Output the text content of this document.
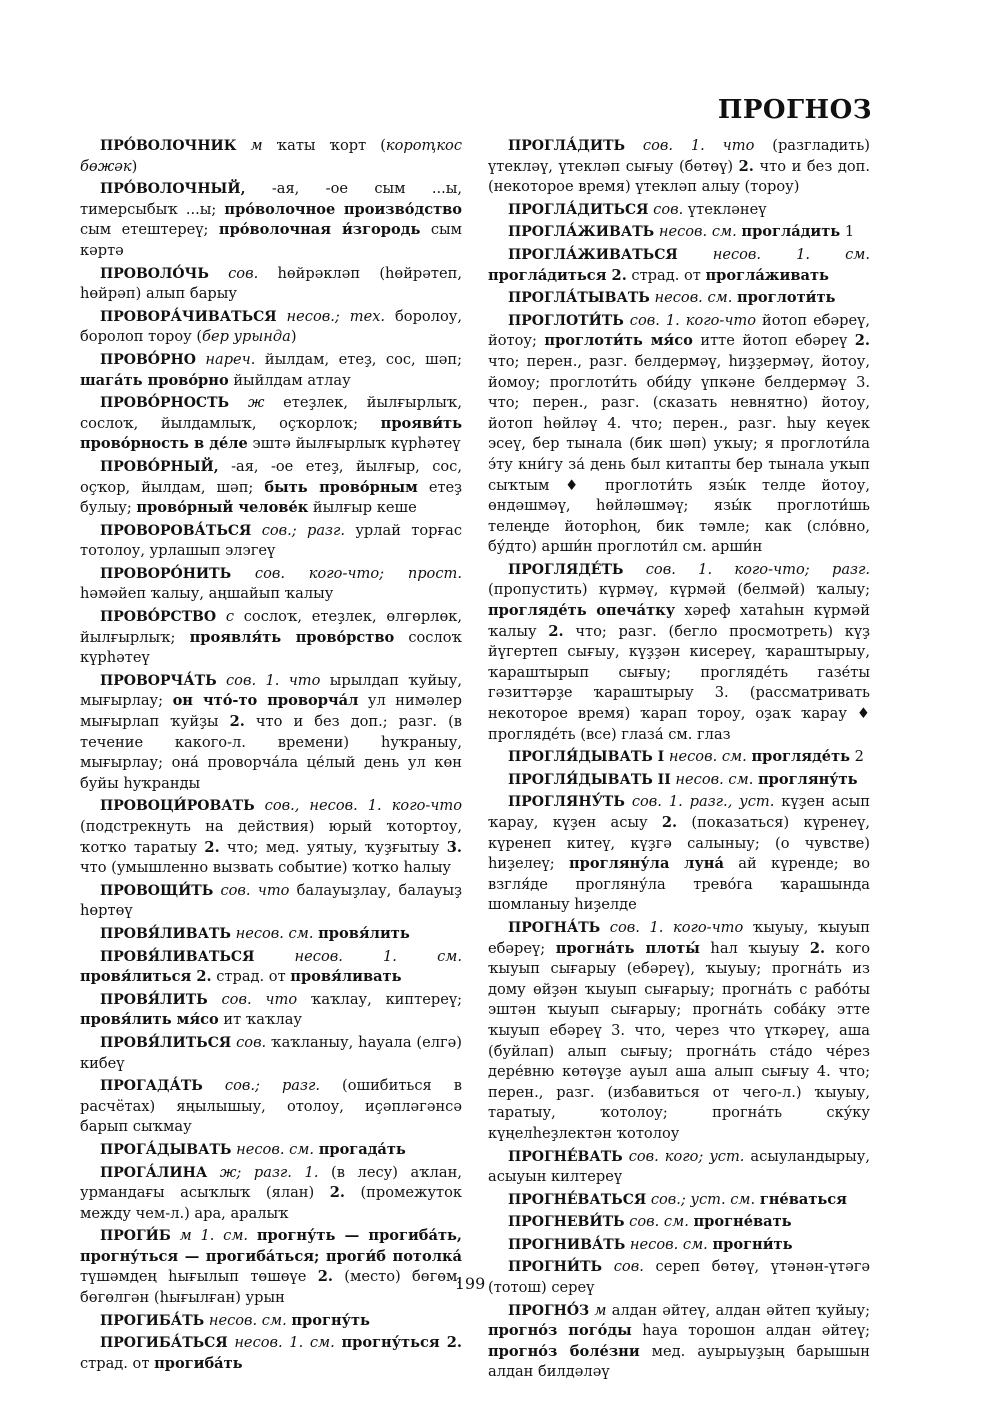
ПРОГНОЗ

ПРО́ВОЛОЧНИК м ҡаты ҡорт (короҭкос бөжәк)

ПРО́ВОЛОЧНЫЙ, -ая, -ое сым ...ы, тимерсыбыҡ ...ы; про́волочное произво́дство сым етештереү; про́волочная и́згородь сым кәртә

ПРОВОЛО́ЧЬ сов. һөйрәкләп (һөйрәтеп, һөйрәп) алып барыу

ПРОВОРА́ЧИВАТЬСЯ несов.; тех. боролоу, боролоп тороу (бер урында)

ПРОВО́РНО нареч. йылдам, етеҙ, сос, шәп; шага́ть прово́рно йыйлдам атлау

ПРОВО́РНОСТЬ ж етеҙлек, йылғырлыҡ, сослоҡ, йылдамлыҡ, оҫҡорлоҡ; прояви́ть прово́рность в де́ле эштә йылғырлыҡ күрһәтеү

ПРОВО́РНЫЙ, -ая, -ое етеҙ, йылғыр, сос, оҫҡор, йылдам, шәп; быть прово́рным етеҙ булыу; прово́рный челове́к йылғыр кеше

ПРОВОРОВА́ТЬСЯ сов.; разг. урлай торғас тотолоу, урлашып элэгеү

ПРОВОРО́НИТЬ сов. кого-что; прост. һәмәйеп ҡалыу, аңшайып ҡалыу

ПРОВО́РСТВО с сослоҡ, етеҙлек, өлгөрлөк, йылғырлыҡ; проявля́ть прово́рство сослоҡ күрһәтеү

ПРОВОРЧА́ТЬ сов. 1. что ырылдап ҡуйыу, мығырлау; он что́-то проворча́л ул нимәлер мығырлап ҡуйҙы 2. что и без доп.; разг. (в течение какого-л. времени) һуҡраныу, мығырлау; она́ проворча́ла це́лый день ул көн буйы һуҡранды

ПРОВОЦИ́РОВАТЬ сов., несов. 1. кого-что (подстрекнуть на действия) юрый ҡотортоу, ҡотҡо таратыу 2. что; мед. уятыу, ҡуҙғытыу 3. что (умышленно вызвать событие) ҡотҡо һалыу

ПРОВОЩИ́ТЬ сов. что балауыҙлау, балауыҙ һөртөү

ПРОВЯ́ЛИВАТЬ несов. см. провя́лить

ПРОВЯ́ЛИВАТЬСЯ несов. 1. см. провя́литься 2. страд. от провя́ливать

ПРОВЯ́ЛИТЬ сов. что ҡаҡлау, киптереү; провя́лить мя́со ит ҡаҡлау

ПРОВЯ́ЛИТЬСЯ сов. ҡаҡланыу, һауала (елгә) кибеү

ПРОГАДА́ТЬ сов.; разг. (ошибиться в расчётах) яңылышыу, отолоу, иҫәпләгәнсә барып сыҡмау

ПРОГА́ДЫВАТЬ несов. см. прогада́ть

ПРОГА́ЛИНА ж; разг. 1. (в лесу) аҡлан, урмандағы асыҡлыҡ (ялан) 2. (промежуток между чем-л.) ара, аралыҡ

ПРОГИ́Б м 1. см. прогну́ть — прогиба́ть, прогну́ться — прогиба́ться; проги́б потолка́ түшәмдең һығылып төшөүе 2. (место) бөгөм, бөгөлгән (һығылған) урын

ПРОГИБА́ТЬ несов. см. прогну́ть

ПРОГИБА́ТЬСЯ несов. 1. см. прогну́ться 2. страд. от прогиба́ть

ПРОГЛА́ДИТЬ сов. 1. что (разгладить) үтекләү, үтекләп сығыу (бөтөү) 2. что и без доп. (некоторое время) үтекләп алыу (тороу)

ПРОГЛА́ДИТЬСЯ сов. үтекләнеү

ПРОГЛА́ЖИВАТЬ несов. см. прогла́дить 1

ПРОГЛА́ЖИВАТЬСЯ несов. 1. см. прогла́диться 2. страд. от прогла́живать

ПРОГЛА́ТЫВАТЬ несов. см. проглоти́ть

ПРОГЛОТИ́ТЬ сов. 1. кого-что йотоп ебәреү, йотоу; проглоти́ть мя́со итте йотоп ебәреү 2. что; перен., разг. белдермәү, һиҙҙермәү, йотоу, йомоу; проглоти́ть оби́ду үпкәне белдермәү 3. что; перен., разг. (сказать невнятно) йотоу, йотоп һөйләү 4. что; перен., разг. һыу кеүек эсеү, бер тынала (бик шәп) уҡыу; я проглоти́ла э́ту кни́гу за́ день был китапты бер тынала уҡып сыҡтым ♦ проглоти́ть язы́к телде йотоу, өндәшмәү, һөйләшмәү; язы́к проглоти́шь телеңде йоторһоң, бик тәмле; как (сло́вно, бу́дто) арши́н проглоти́л см. арши́н

ПРОГЛЯДЕ́ТЬ сов. 1. кого-что; разг. (пропустить) күрмәү, күрмәй (белмәй) ҡалыу; прогляде́ть опеча́тку хәреф хатаһын күрмәй ҡалыу 2. что; разг. (бегло просмотреть) күҙ йүгертеп сығыу, күҙҙән кисереү, ҡараштырыу, ҡараштырып сығыу; прогляде́ть газе́ты гәзиттәрҙе ҡараштырыу 3. (рассматривать некоторое время) ҡарап тороу, оҙаҡ ҡарау ♦ прогляде́ть (все) глаза́ см. глаз

ПРОГЛЯ́ДЫВАТЬ I несов. см. прогляде́ть 2

ПРОГЛЯ́ДЫВАТЬ II несов. см. прогляну́ть

ПРОГЛЯНУ́ТЬ сов. 1. разг., уст. күҙен асып ҡарау, күҙен асыу 2. (показаться) күренеү, күренеп китеү, күҙгә салыныу; (о чувстве) һиҙелеү; прогляну́ла луна́ ай күренде; во взгля́де прогляну́ла трево́га ҡарашында шомланыу һиҙелде

ПРОГНА́ТЬ сов. 1. кого-что ҡыуыу, ҡыуып ебәреү; прогна́ть плоты́ һал ҡыуыу 2. кого ҡыуып сығарыу (ебәреү), ҡыуыу; прогна́ть из дому өйҙән ҡыуып сығарыу; прогна́ть с рабо́ты эштән ҡыуып сығарыу; прогна́ть соба́ку этте ҡыуып ебәреү 3. что, через что үткәреү, аша (буйлап) алып сығыу; прогна́ть ста́до че́рез дере́вню көтөүҙе ауыл аша алып сығыу 4. что; перен., разг. (избавиться от чего-л.) ҡыуыу, таратыу, ҡотолоу; прогна́ть ску́ку күңелһеҙлектән ҡотолоу

ПРОГНЕ́ВАТЬ сов. кого; уст. асыуландырыу, асыуын килтереү

ПРОГНЕ́ВАТЬСЯ сов.; уст. см. гне́ваться

ПРОГНЕВИ́ТЬ сов. см. прогне́вать

ПРОГНИВА́ТЬ несов. см. прогни́ть

ПРОГНИ́ТЬ сов. сереп бөтөү, үтәнән-үтәгә (тотош) сереү

ПРОГНО́З м алдан әйтеү, алдан әйтеп ҡуйыу; прогно́з пого́ды һауа торошон алдан әйтеү; прогно́з боле́зни мед. ауырыуҙың барышын алдан билдәләү

199
